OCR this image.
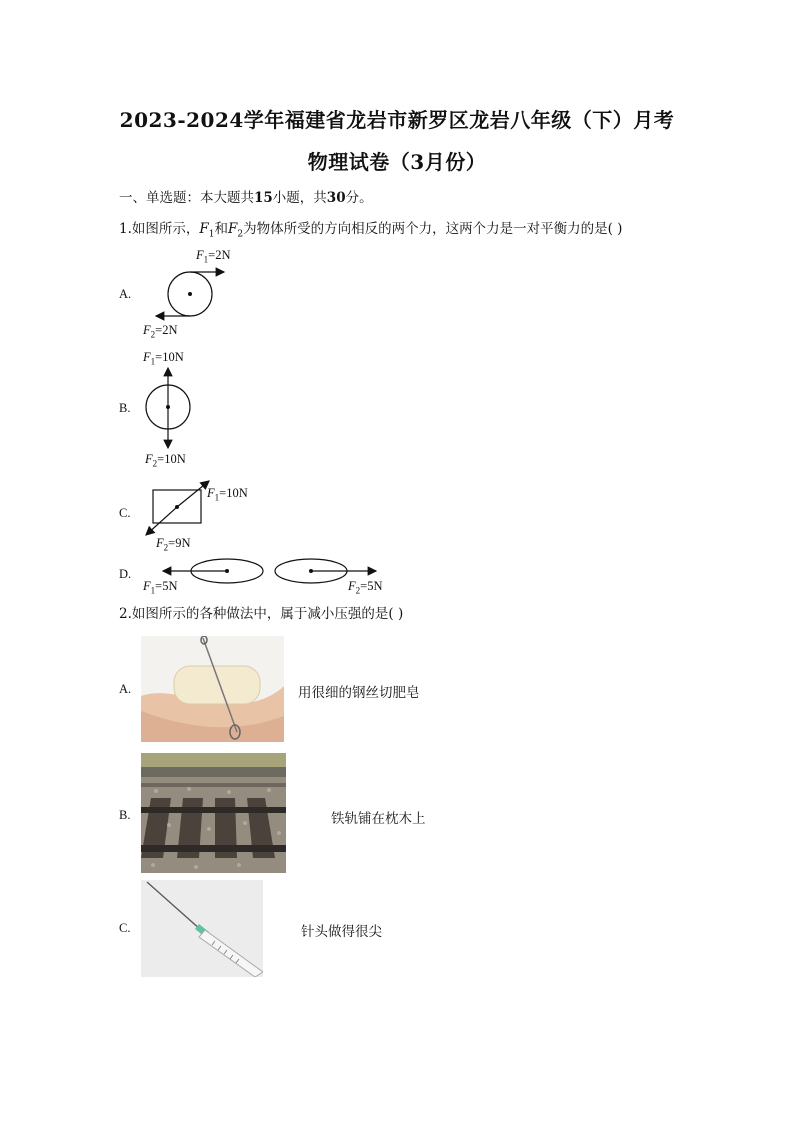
2023-2024学年福建省龙岩市新罗区龙岩八年级（下）月考
物理试卷（3月份）
一、单选题：本大题共15小题，共30分。
1.如图所示，$F_1$和$F_2$为物体所受的方向相反的两个力，这两个力是一对平衡力的是( )
A.
$F_1=2N$
$F_2=2N$
B.
$F_1=10N$
$F_2=10N$
C.
$F_1=10N$
$F_2=9N$
D.
$F_1=5N$	$F_2=5N$
2.如图所示的各种做法中，属于减小压强的是( )
A.	用很细的钢丝切肥皂
B.	铁轨铺在枕木上
C.	针头做得很尖
